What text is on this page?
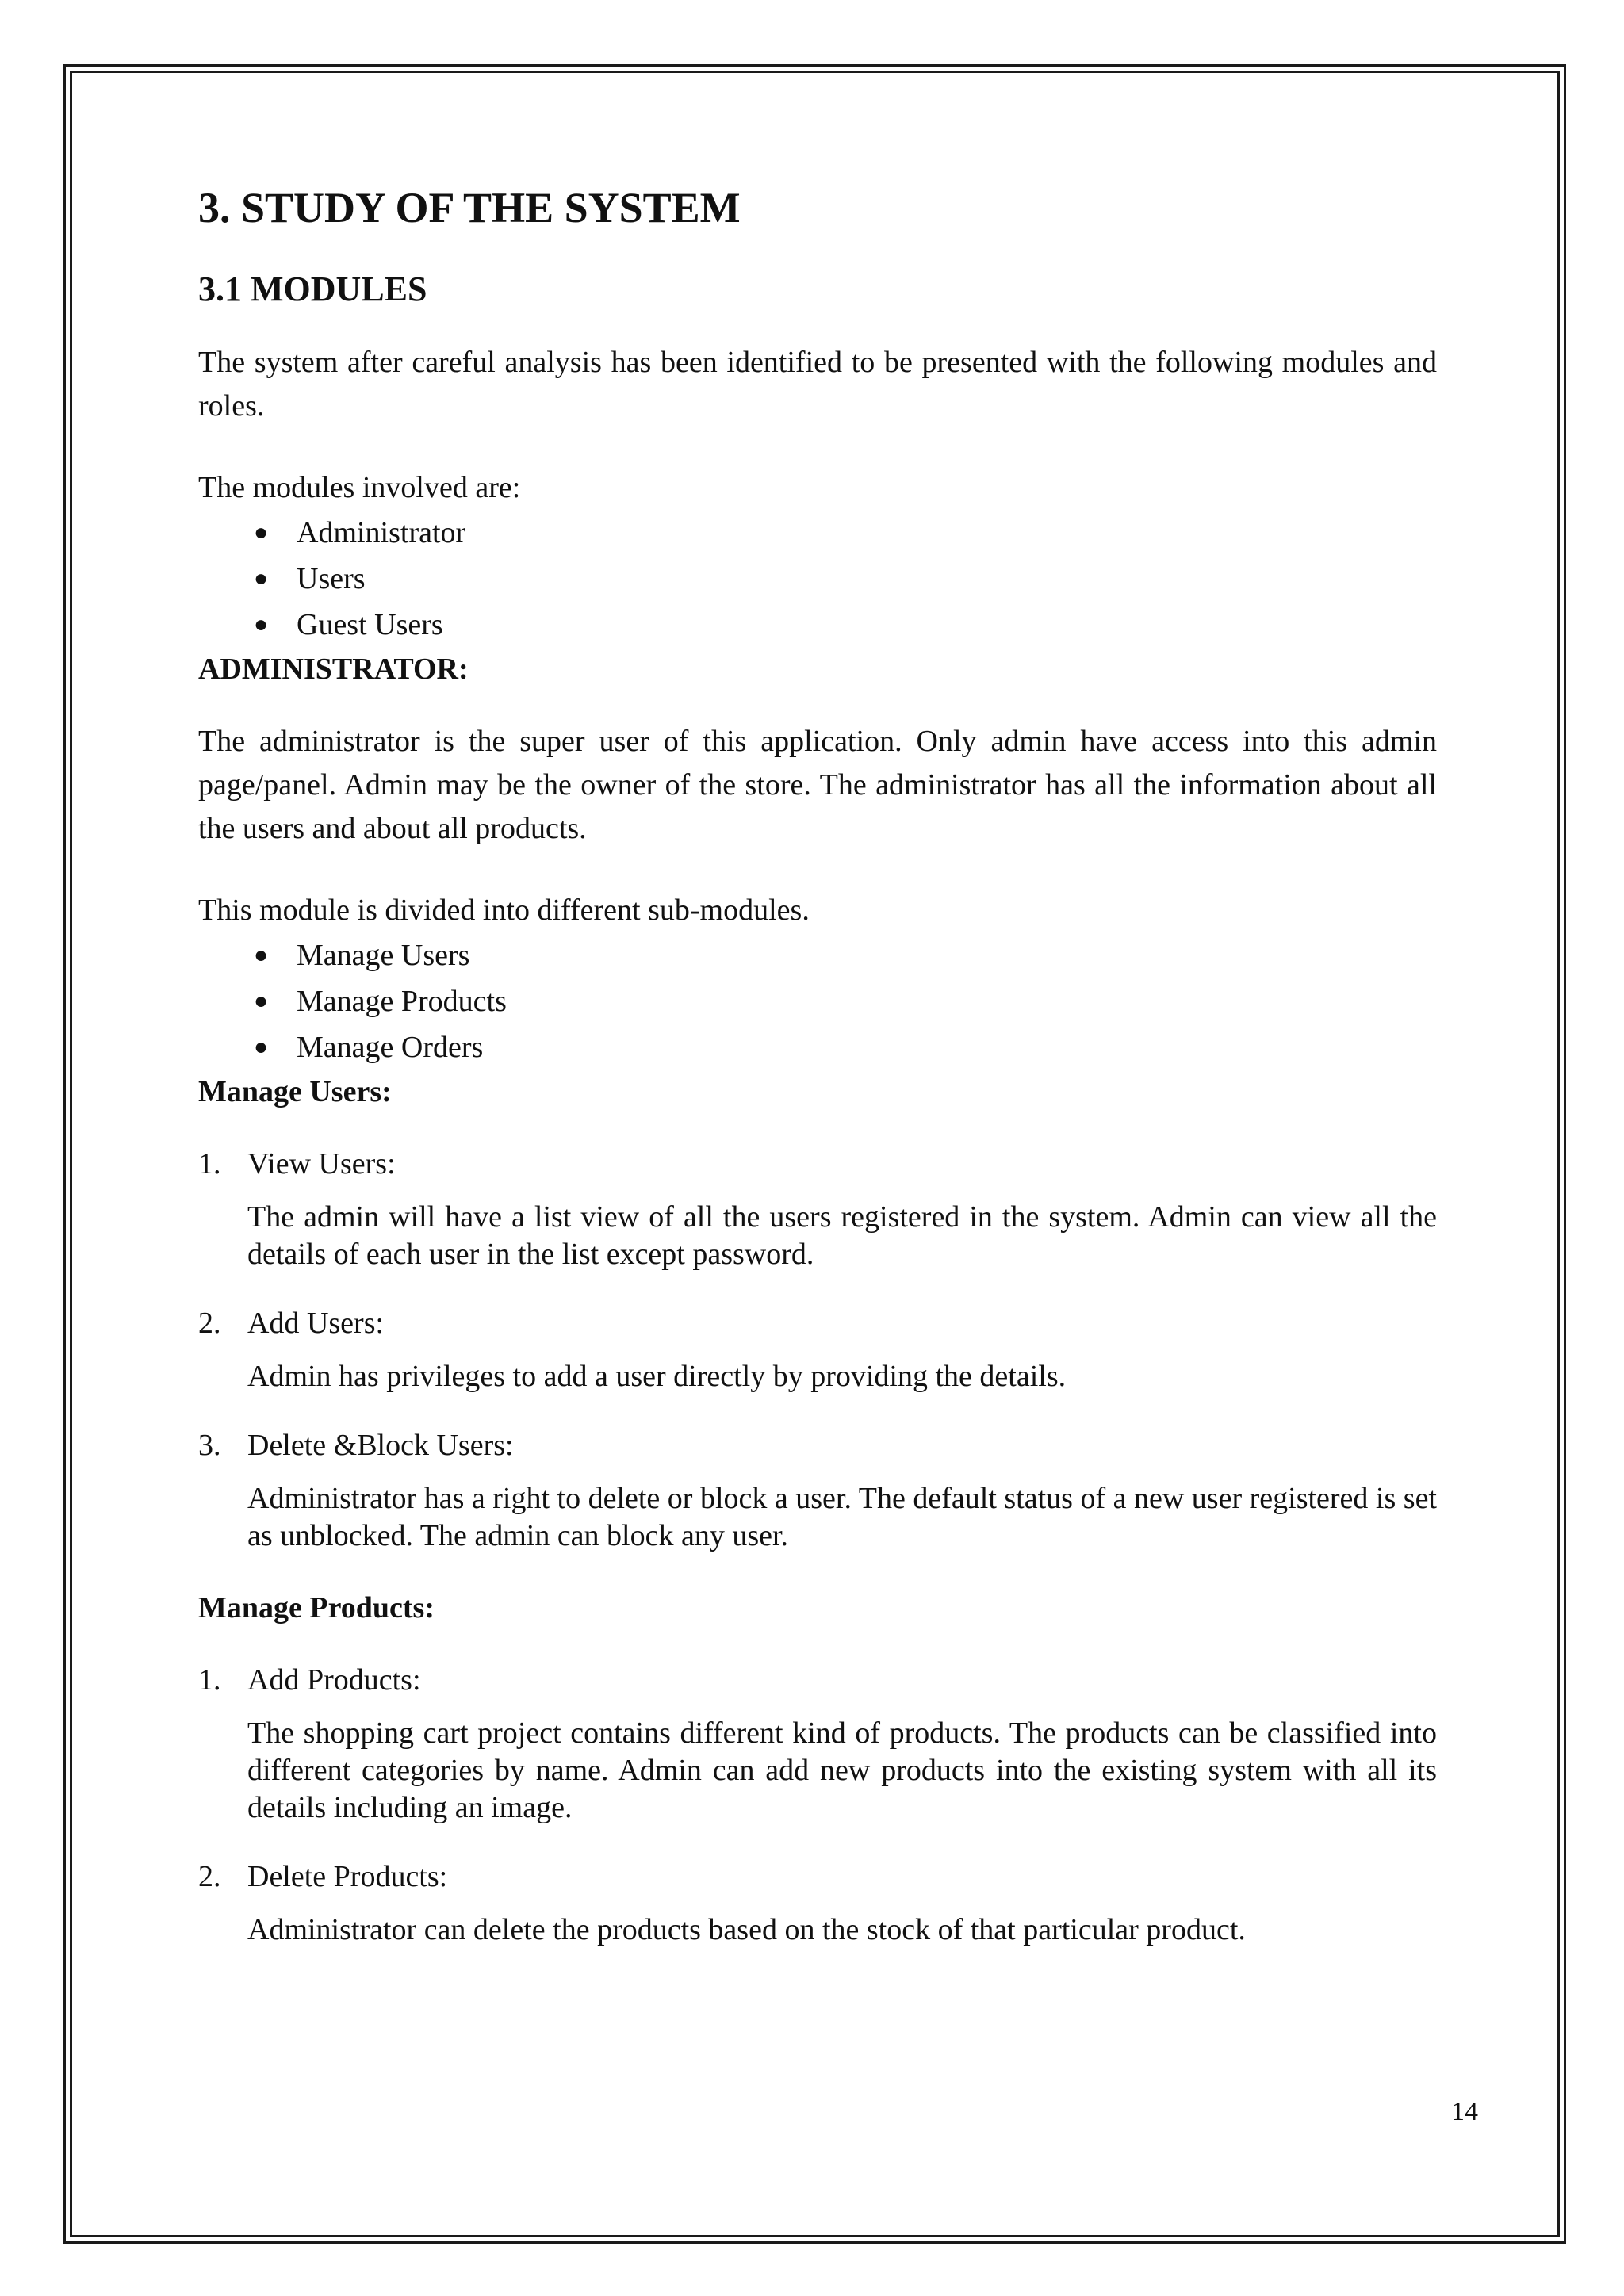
3. STUDY OF THE SYSTEM
3.1 MODULES

The system after careful analysis has been identified to be presented with the following modules and roles.

The modules involved are:

● Administrator
● Users
● Guest Users

ADMINISTRATOR:

The administrator is the super user of this application. Only admin have access into this admin page/panel. Admin may be the owner of the store. The administrator has all the information about all the users and about all products.

This module is divided into different sub-modules.

● Manage Users
● Manage Products
● Manage Orders

Manage Users:

1. View Users:
The admin will have a list view of all the users registered in the system. Admin can view all the details of each user in the list except password.
2. Add Users:
Admin has privileges to add a user directly by providing the details.
3. Delete &Block Users:
Administrator has a right to delete or block a user. The default status of a new user registered is set as unblocked. The admin can block any user.

Manage Products:

1. Add Products:
The shopping cart project contains different kind of products. The products can be classified into different categories by name. Admin can add new products into the existing system with all its details including an image.
2. Delete Products:
Administrator can delete the products based on the stock of that particular product.
14
